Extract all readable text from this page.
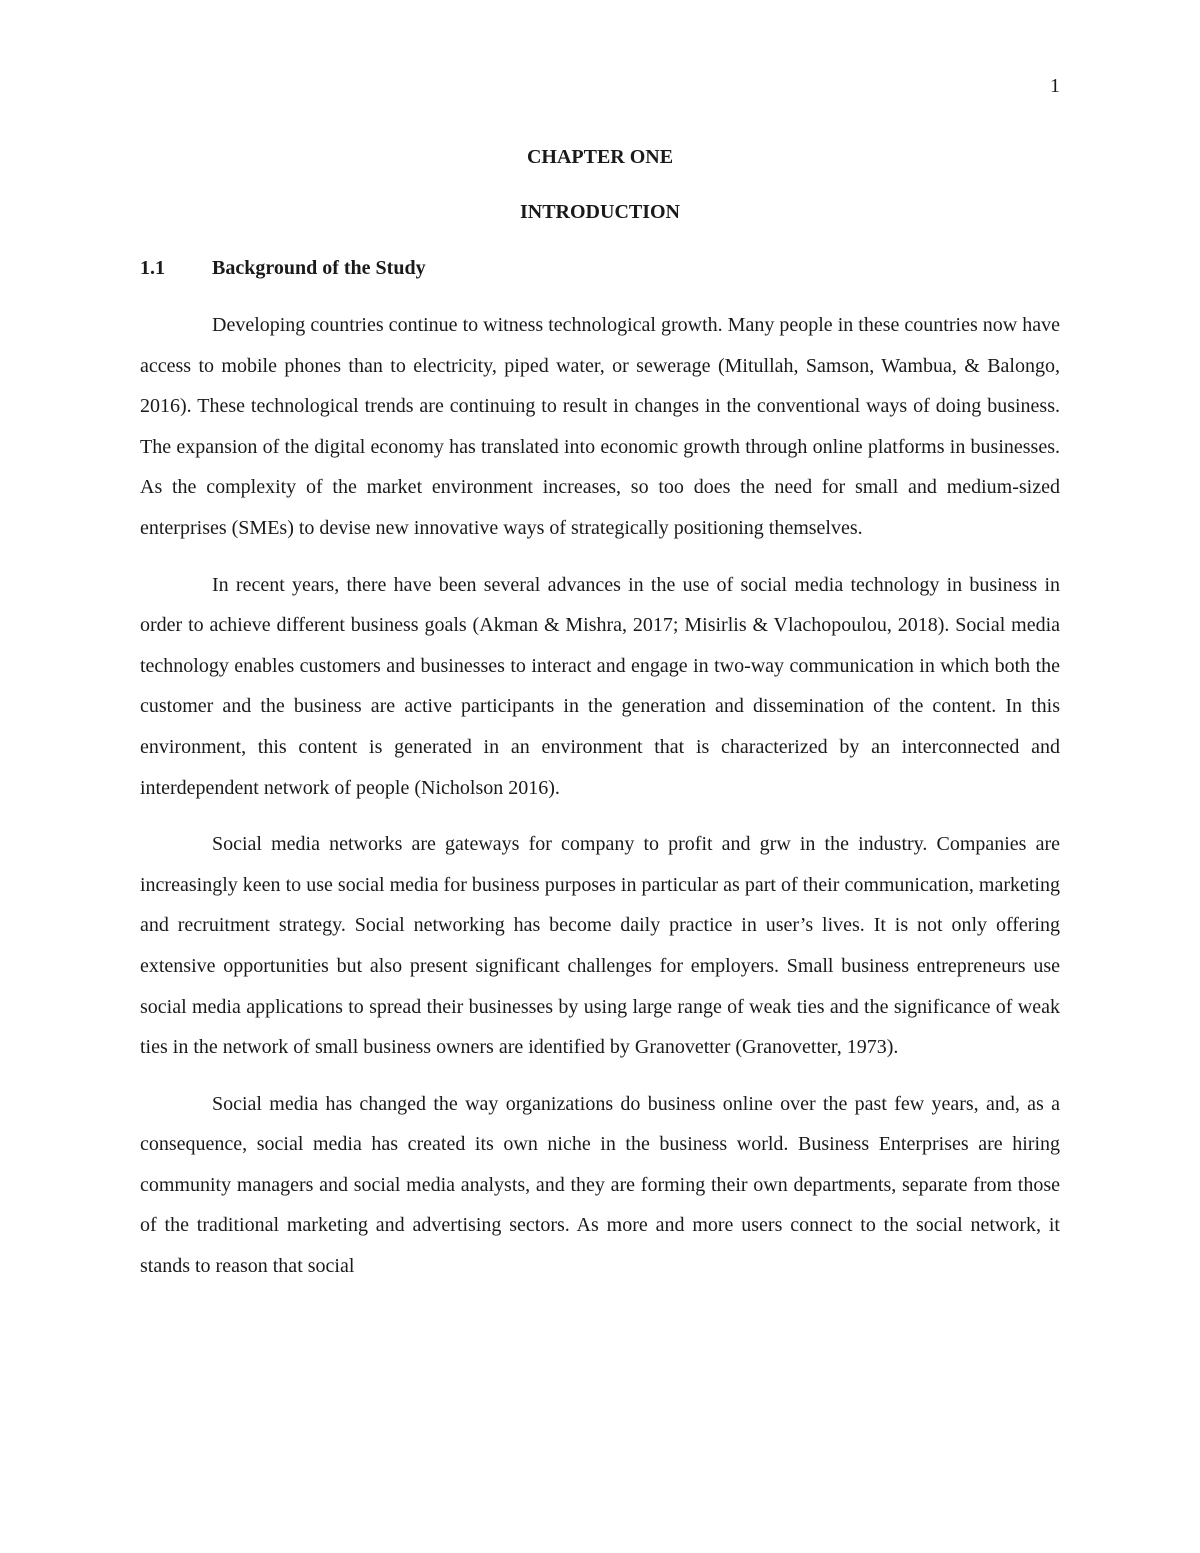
1
CHAPTER ONE
INTRODUCTION
1.1 Background of the Study

Developing countries continue to witness technological growth. Many people in these countries now have access to mobile phones than to electricity, piped water, or sewerage (Mitullah, Samson, Wambua, & Balongo, 2016). These technological trends are continuing to result in changes in the conventional ways of doing business. The expansion of the digital economy has translated into economic growth through online platforms in businesses. As the complexity of the market environment increases, so too does the need for small and medium-sized enterprises (SMEs) to devise new innovative ways of strategically positioning themselves.

In recent years, there have been several advances in the use of social media technology in business in order to achieve different business goals (Akman & Mishra, 2017; Misirlis & Vlachopoulou, 2018). Social media technology enables customers and businesses to interact and engage in two-way communication in which both the customer and the business are active participants in the generation and dissemination of the content. In this environment, this content is generated in an environment that is characterized by an interconnected and interdependent network of people (Nicholson 2016).

Social media networks are gateways for company to profit and grw in the industry. Companies are increasingly keen to use social media for business purposes in particular as part of their communication, marketing and recruitment strategy. Social networking has become daily practice in user’s lives. It is not only offering extensive opportunities but also present significant challenges for employers. Small business entrepreneurs use social media applications to spread their businesses by using large range of weak ties and the significance of weak ties in the network of small business owners are identified by Granovetter (Granovetter, 1973).

Social media has changed the way organizations do business online over the past few years, and, as a consequence, social media has created its own niche in the business world. Business Enterprises are hiring community managers and social media analysts, and they are forming their own departments, separate from those of the traditional marketing and advertising sectors. As more and more users connect to the social network, it stands to reason that social
